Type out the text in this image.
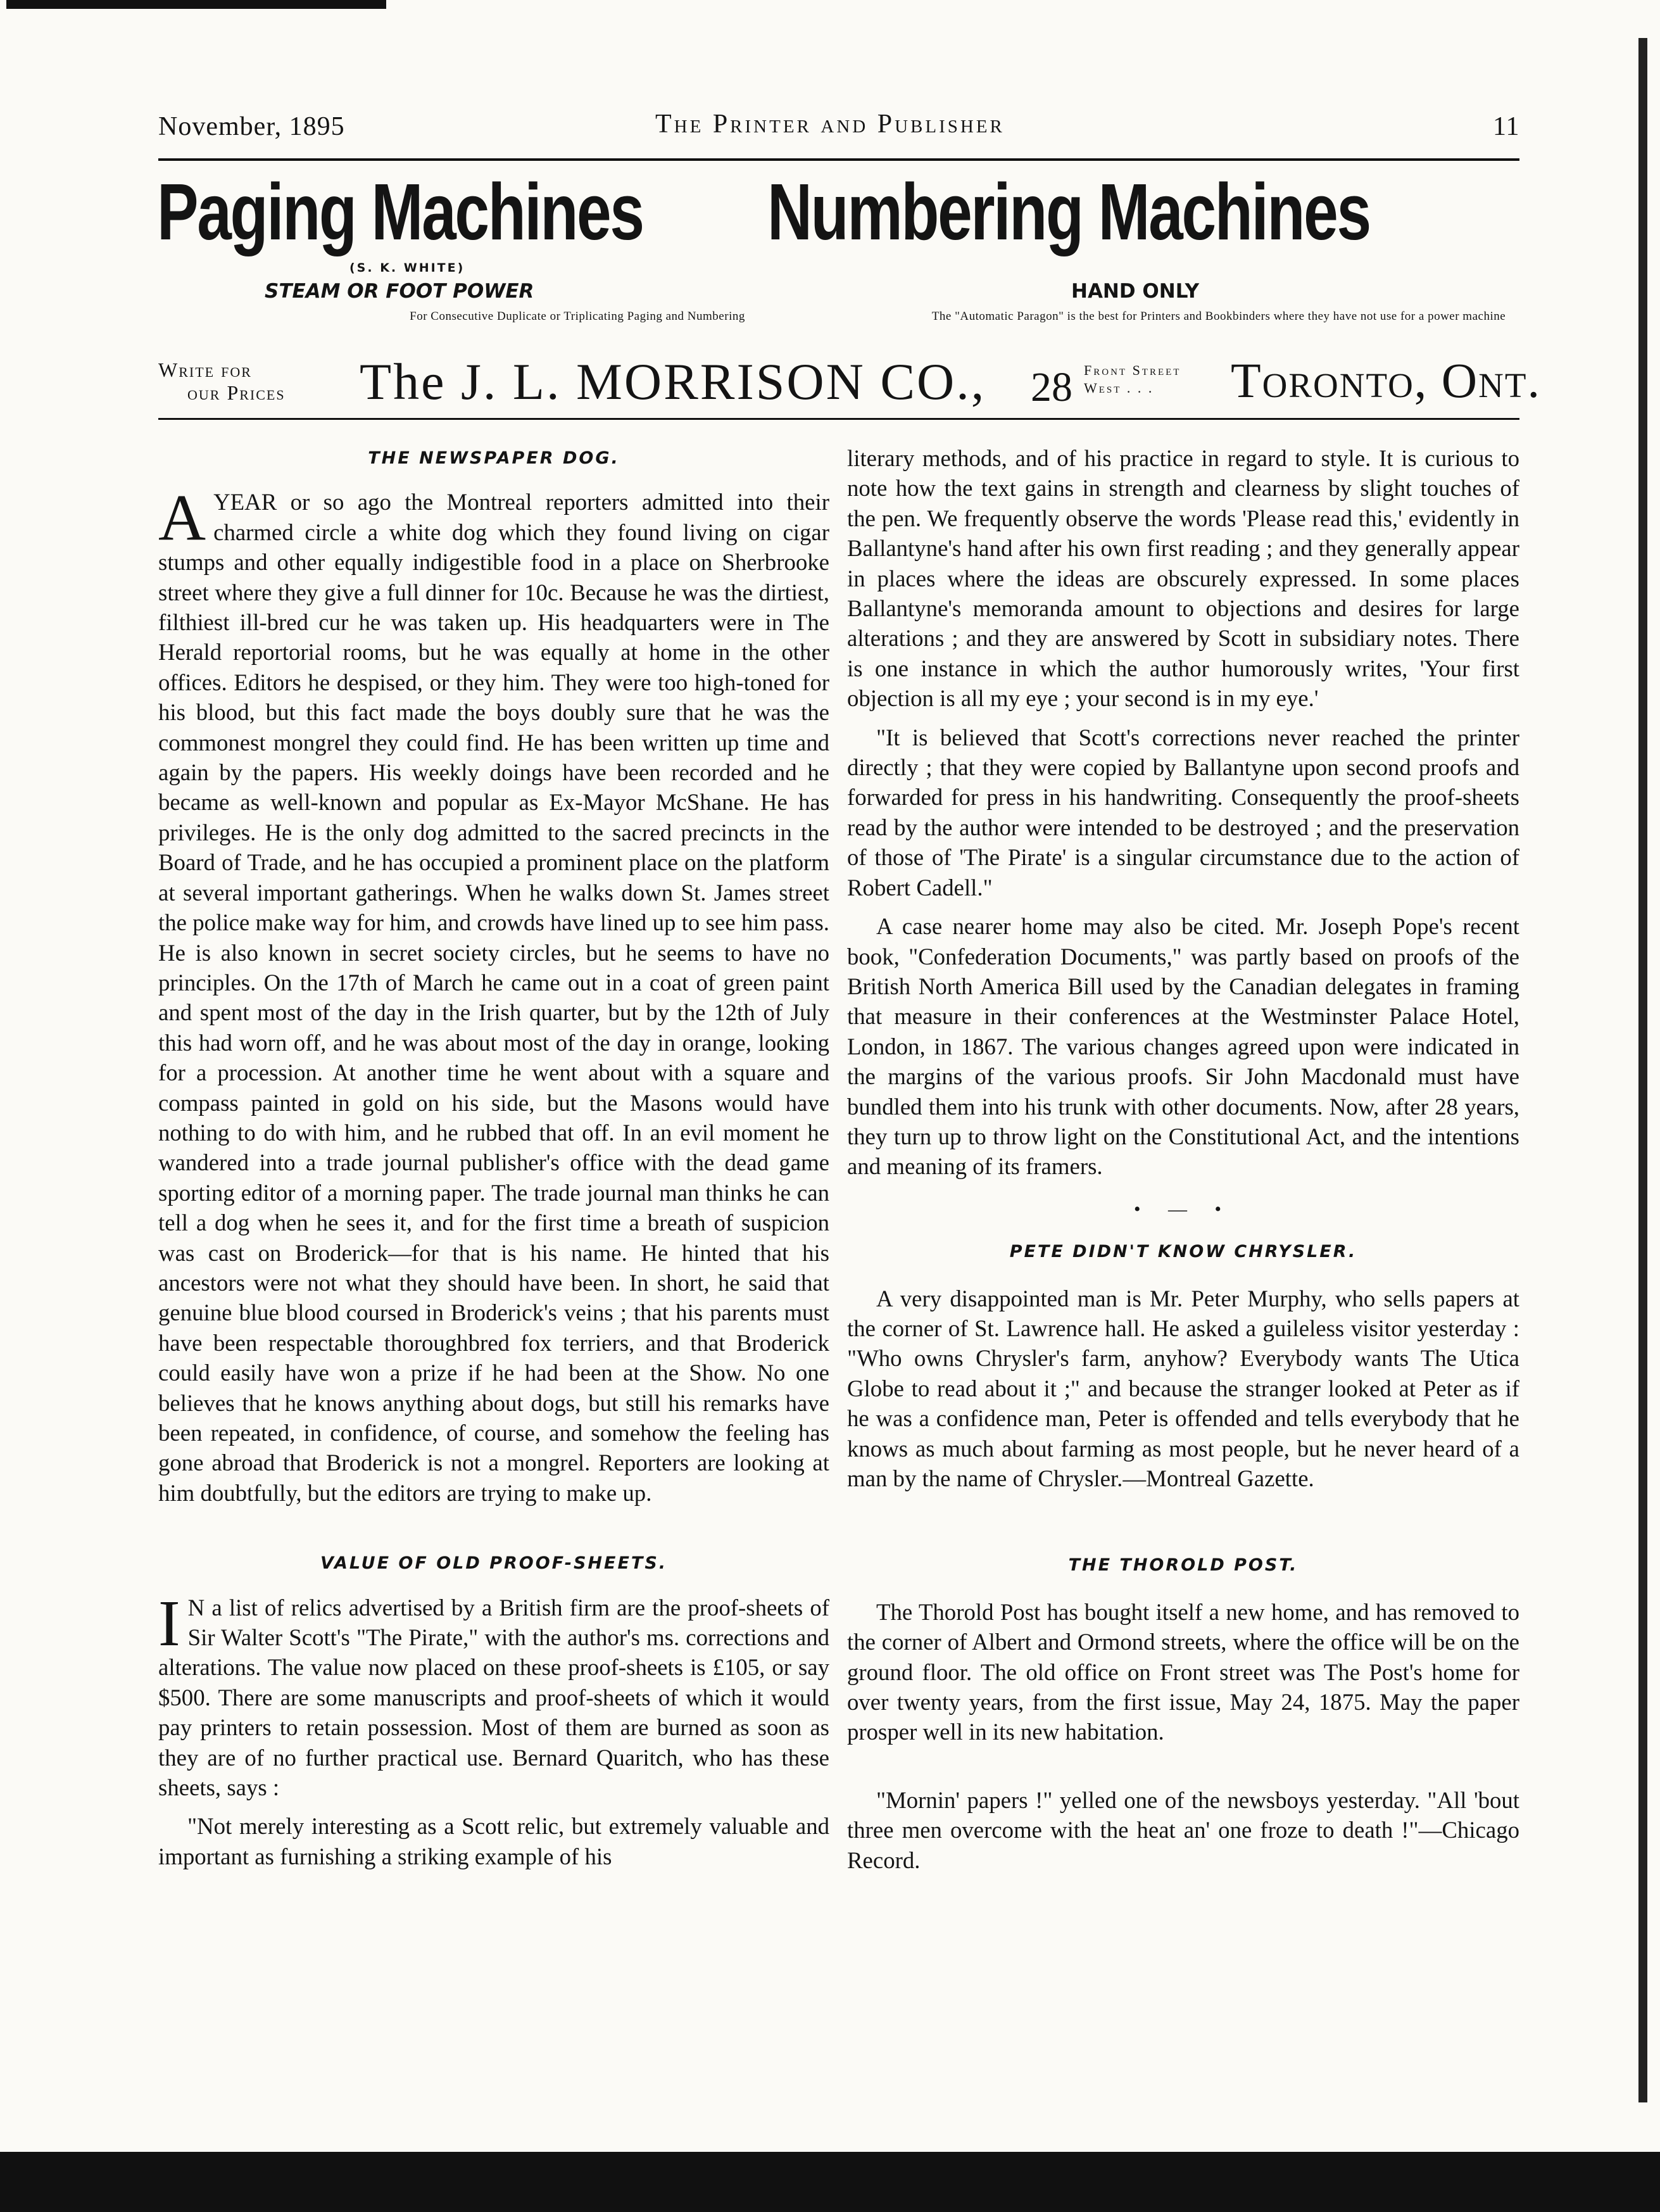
November, 1895	The Printer and Publisher	11
Paging Machines Numbering Machines
(S. K. WHITE)
STEAM OR FOOT POWER
For Consecutive Duplicate or Triplicating Paging and Numbering
HAND ONLY
The "Automatic Paragon" is the best for Printers and Bookbinders where they have not use for a power machine
Write for
our Prices The J. L. MORRISON CO., 28 Front Street
West . . . Toronto, Ont.

THE NEWSPAPER DOG.

AYEAR or so ago the Montreal reporters admitted into their charmed circle a white dog which they found living on cigar stumps and other equally indigestible food in a place on Sherbrooke street where they give a full dinner for 10c. Because he was the dirtiest, filthiest ill-bred cur he was taken up. His headquarters were in The Herald reportorial rooms, but he was equally at home in the other offices. Editors he despised, or they him. They were too high-toned for his blood, but this fact made the boys doubly sure that he was the commonest mongrel they could find. He has been written up time and again by the papers. His weekly doings have been recorded and he became as well-known and popular as Ex-Mayor McShane. He has privileges. He is the only dog admitted to the sacred precincts in the Board of Trade, and he has occupied a prominent place on the platform at several important gatherings. When he walks down St. James street the police make way for him, and crowds have lined up to see him pass. He is also known in secret society circles, but he seems to have no principles. On the 17th of March he came out in a coat of green paint and spent most of the day in the Irish quarter, but by the 12th of July this had worn off, and he was about most of the day in orange, looking for a procession. At another time he went about with a square and compass painted in gold on his side, but the Masons would have nothing to do with him, and he rubbed that off. In an evil moment he wandered into a trade journal publisher's office with the dead game sporting editor of a morning paper. The trade journal man thinks he can tell a dog when he sees it, and for the first time a breath of suspicion was cast on Broderick—for that is his name. He hinted that his ancestors were not what they should have been. In short, he said that genuine blue blood coursed in Broderick's veins ; that his parents must have been respectable thoroughbred fox terriers, and that Broderick could easily have won a prize if he had been at the Show. No one believes that he knows anything about dogs, but still his remarks have been repeated, in confidence, of course, and somehow the feeling has gone abroad that Broderick is not a mongrel. Reporters are looking at him doubtfully, but the editors are trying to make up.

VALUE OF OLD PROOF-SHEETS.

I N a list of relics advertised by a British firm are the proof-sheets of Sir Walter Scott's "The Pirate," with the author's ms. corrections and alterations. The value now placed on these proof-sheets is £105, or say $500. There are some manuscripts and proof-sheets of which it would pay printers to retain possession. Most of them are burned as soon as they are of no further practical use. Bernard Quaritch, who has these sheets, says :

"Not merely interesting as a Scott relic, but extremely valuable and important as furnishing a striking example of his

literary methods, and of his practice in regard to style. It is curious to note how the text gains in strength and clearness by slight touches of the pen. We frequently observe the words 'Please read this,' evidently in Ballantyne's hand after his own first reading ; and they generally appear in places where the ideas are obscurely expressed. In some places Ballantyne's memoranda amount to objections and desires for large alterations ; and they are answered by Scott in subsidiary notes. There is one instance in which the author humorously writes, 'Your first objection is all my eye ; your second is in my eye.'

"It is believed that Scott's corrections never reached the printer directly ; that they were copied by Ballantyne upon second proofs and forwarded for press in his handwriting. Consequently the proof-sheets read by the author were intended to be destroyed ; and the preservation of those of 'The Pirate' is a singular circumstance due to the action of Robert Cadell."

A case nearer home may also be cited. Mr. Joseph Pope's recent book, "Confederation Documents," was partly based on proofs of the British North America Bill used by the Canadian delegates in framing that measure in their conferences at the Westminster Palace Hotel, London, in 1867. The various changes agreed upon were indicated in the margins of the various proofs. Sir John Macdonald must have bundled them into his trunk with other documents. Now, after 28 years, they turn up to throw light on the Constitutional Act, and the intentions and meaning of its framers.

• ― •

PETE DIDN'T KNOW CHRYSLER.

A very disappointed man is Mr. Peter Murphy, who sells papers at the corner of St. Lawrence hall. He asked a guileless visitor yesterday : "Who owns Chrysler's farm, anyhow? Everybody wants The Utica Globe to read about it ;" and because the stranger looked at Peter as if he was a confidence man, Peter is offended and tells everybody that he knows as much about farming as most people, but he never heard of a man by the name of Chrysler.—Montreal Gazette.

THE THOROLD POST.

The Thorold Post has bought itself a new home, and has removed to the corner of Albert and Ormond streets, where the office will be on the ground floor. The old office on Front street was The Post's home for over twenty years, from the first issue, May 24, 1875. May the paper prosper well in its new habitation.

"Mornin' papers !" yelled one of the newsboys yesterday. "All 'bout three men overcome with the heat an' one froze to death !"—Chicago Record.
